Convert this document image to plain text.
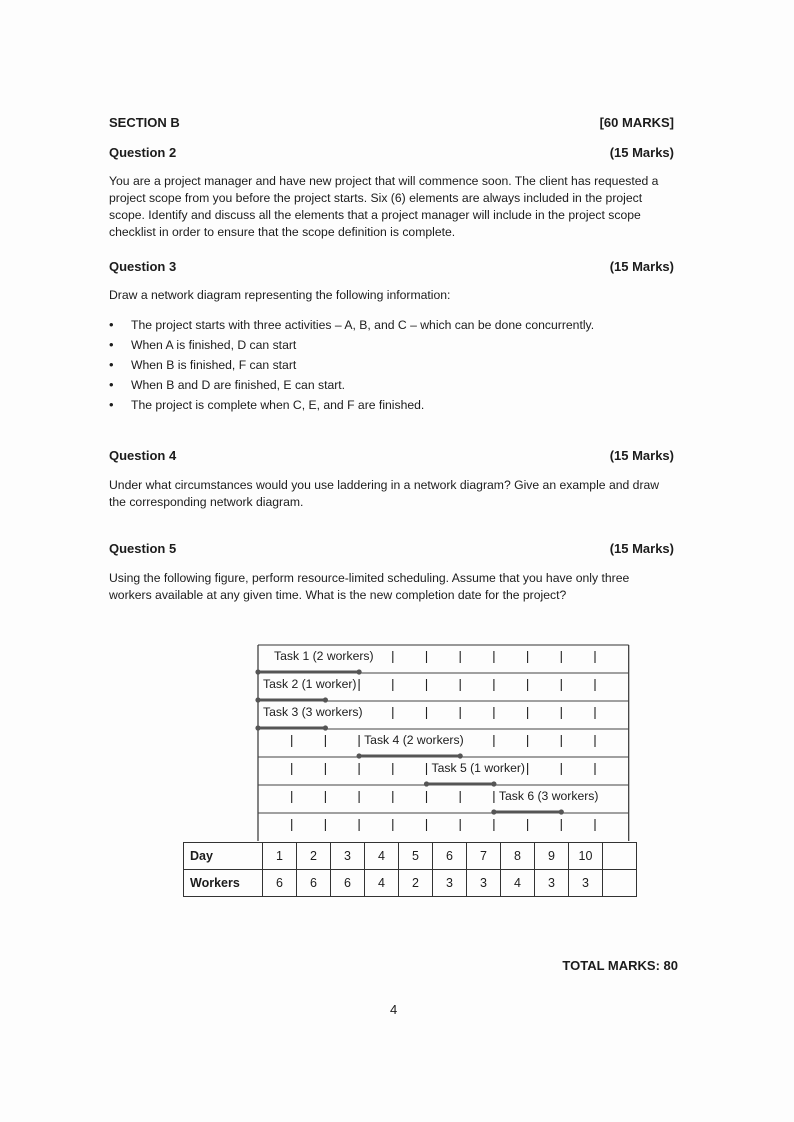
SECTION B	[60 MARKS]
Question 2	(15 Marks)
You are a project manager and have new project that will commence soon. The client has requested a project scope from you before the project starts. Six (6) elements are always included in the project scope. Identify and discuss all the elements that a project manager will include in the project scope checklist in order to ensure that the scope definition is complete.
Question 3	(15 Marks)
Draw a network diagram representing the following information:
• The project starts with three activities – A, B, and C – which can be done concurrently.
• When A is finished, D can start
• When B is finished, F can start
• When B and D are finished, E can start.
• The project is complete when C, E, and F are finished.
Question 4	(15 Marks)
Under what circumstances would you use laddering in a network diagram? Give an example and draw the corresponding network diagram.
Question 5	(15 Marks)
Using the following figure, perform resource-limited scheduling. Assume that you have only three workers available at any given time. What is the new completion date for the project?
Task 1 (2 workers)
Task 2 (1 worker)
Task 3 (3 workers)
Task 4 (2 workers)
Task 5 (1 worker)
Task 6 (3 workers)
Day	1	2	3	4	5	6	7	8	9	10	
Workers	6	6	6	4	2	3	3	4	3	3	
TOTAL MARKS: 80
4
